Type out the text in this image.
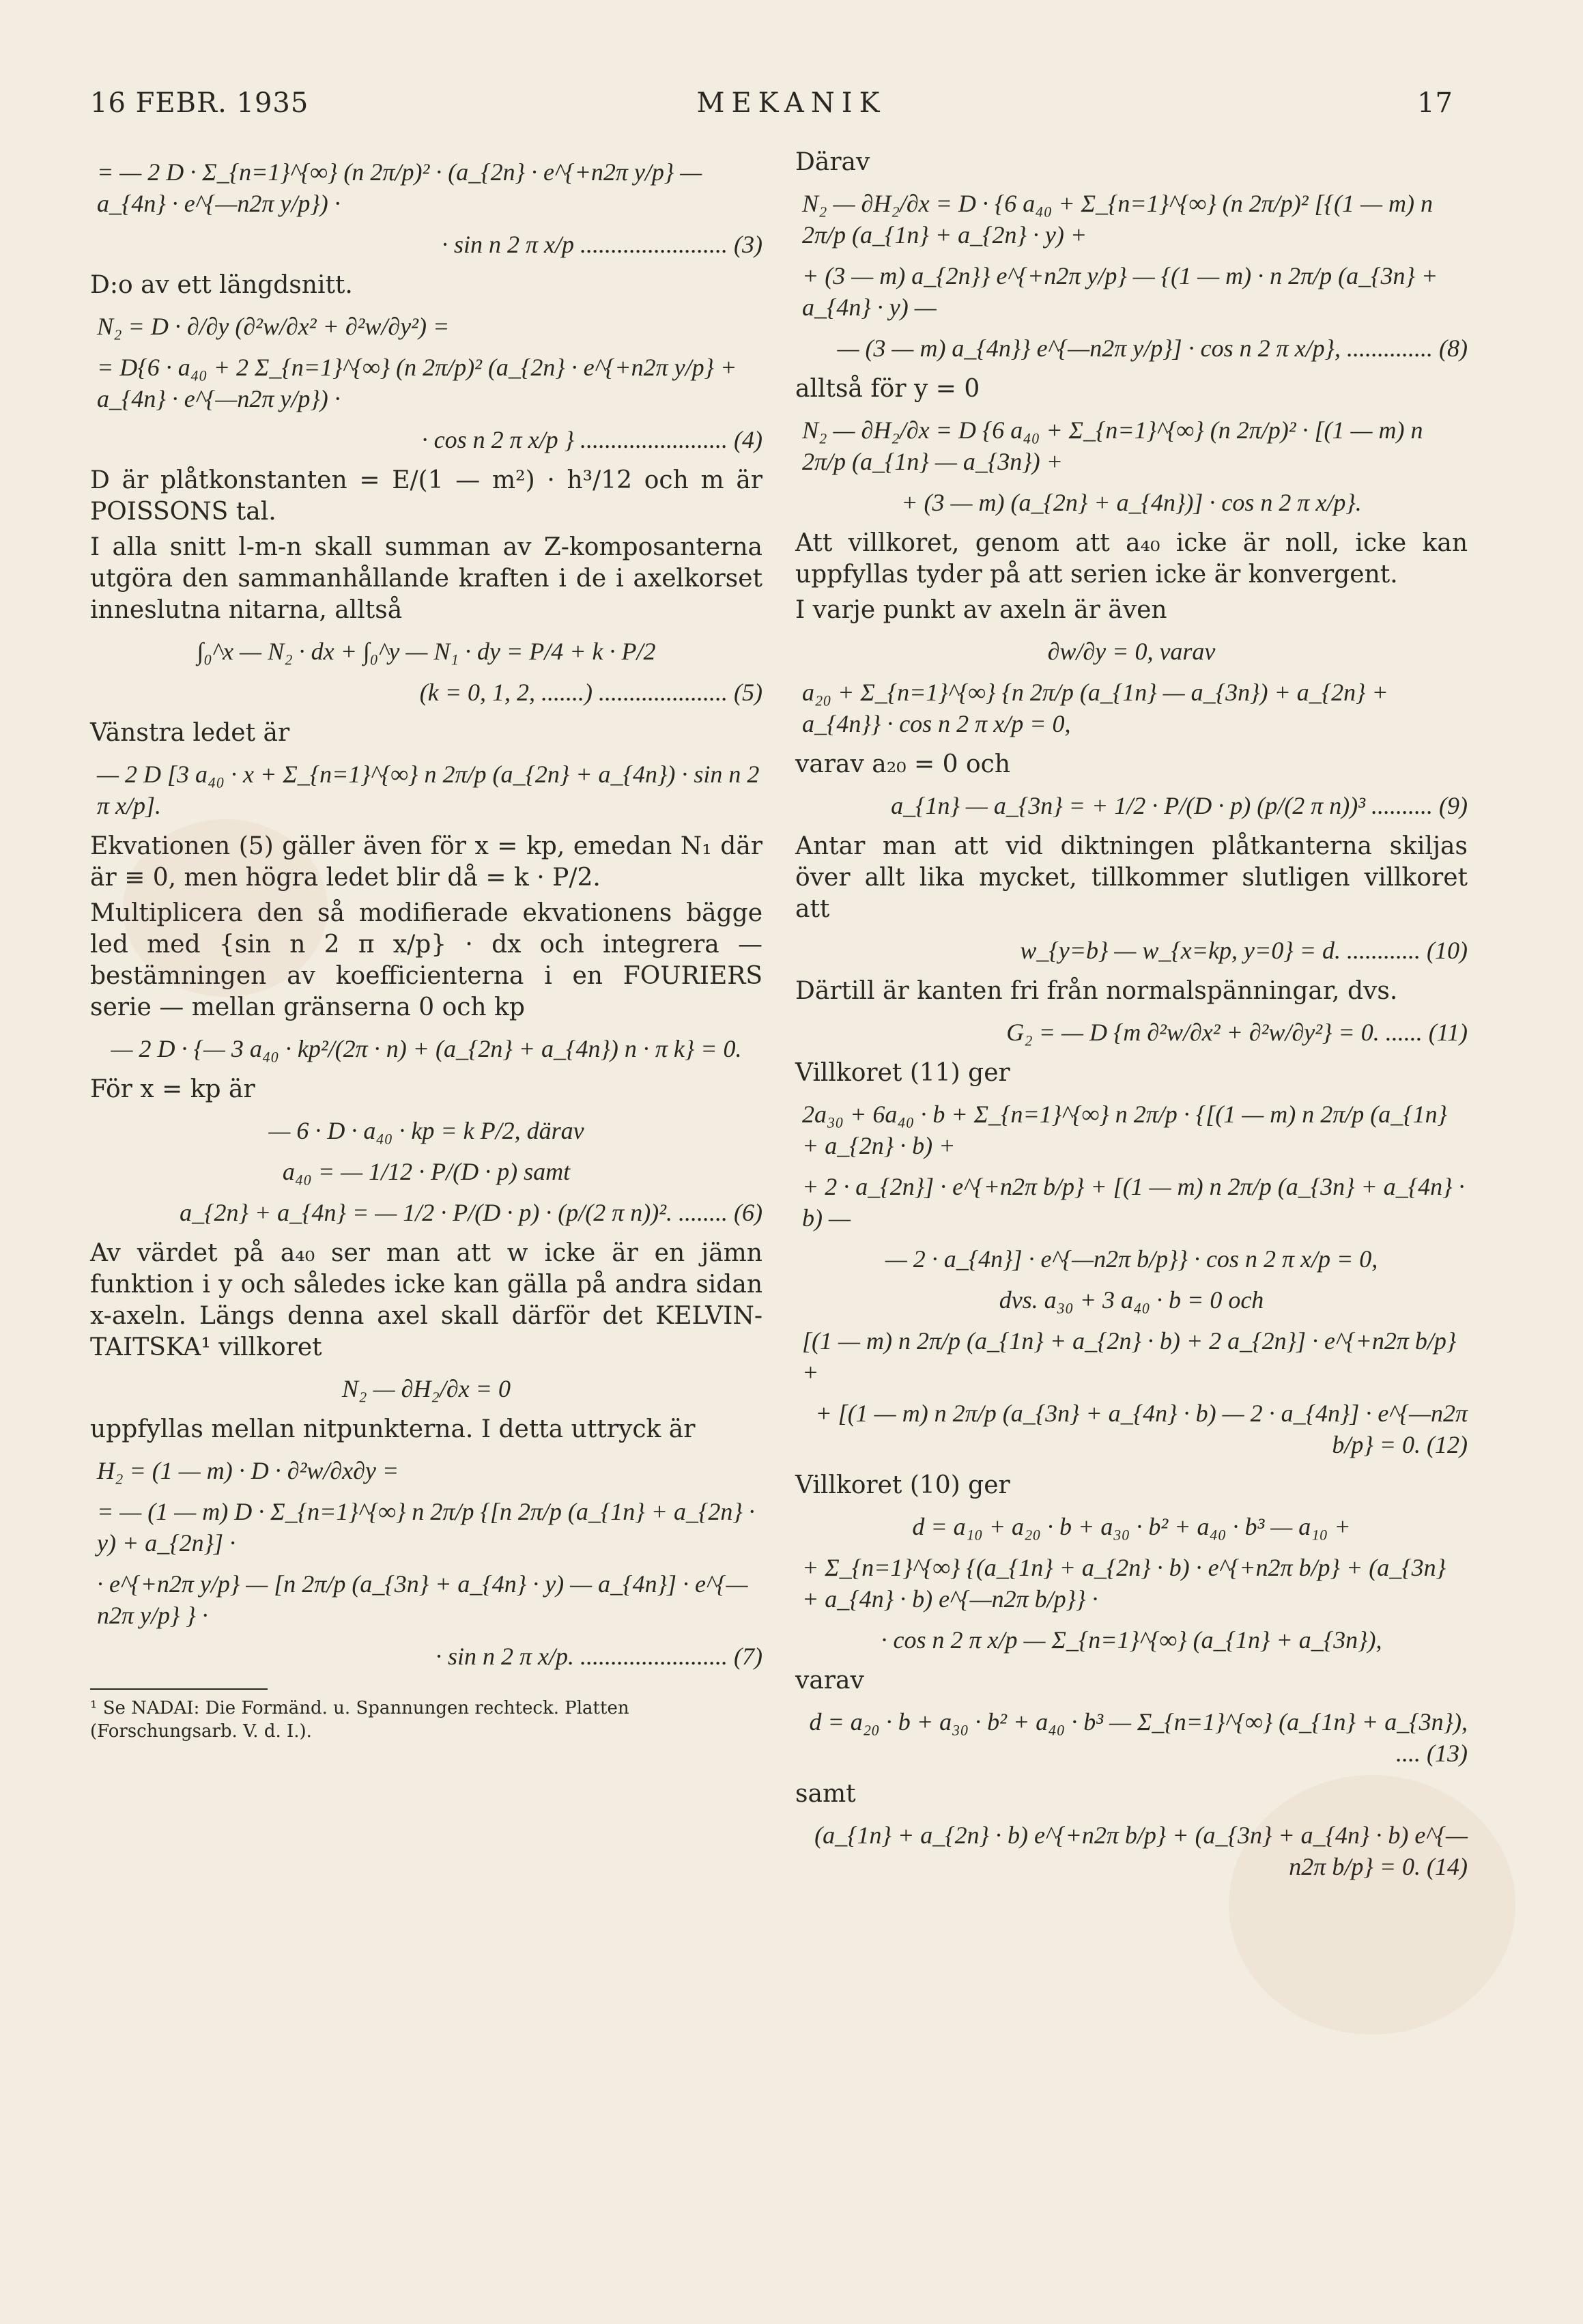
16 FEBR. 1935	MEKANIK	17
= — 2 D · Σ_{n=1}^{∞} (n 2π/p)² · (a_{2n} · e^{+n2π y/p} — a_{4n} · e^{—n2π y/p}) ·
· sin n 2 π x/p ........................ (3)
D:o av ett längdsnitt.
N₂ = D · ∂/∂y (∂²w/∂x² + ∂²w/∂y²) =
= D{6 · a₄₀ + 2 Σ_{n=1}^{∞} (n 2π/p)² (a_{2n} · e^{+n2π y/p} + a_{4n} · e^{—n2π y/p}) ·
· cos n 2 π x/p } ........................ (4)
D är plåtkonstanten = E/(1 — m²) · h³/12 och m är POISSONS tal.
I alla snitt l-m-n skall summan av Z-komposanterna utgöra den sammanhållande kraften i de i axelkorset inneslutna nitarna, alltså
∫₀^x — N₂ · dx + ∫₀^y — N₁ · dy = P/4 + k · P/2
(k = 0, 1, 2, .......) ..................... (5)
Vänstra ledet är
— 2 D [3 a₄₀ · x + Σ_{n=1}^{∞} n 2π/p (a_{2n} + a_{4n}) · sin n 2 π x/p].
Ekvationen (5) gäller även för x = kp, emedan N₁ där är ≡ 0, men högra ledet blir då = k · P/2.
Multiplicera den så modifierade ekvationens bägge led med {sin n 2 π x/p} · dx och integrera — bestämningen av koefficienterna i en FOURIERS serie — mellan gränserna 0 och kp
— 2 D · {— 3 a₄₀ · kp²/(2π · n) + (a_{2n} + a_{4n}) n · π k} = 0.
För x = kp är
— 6 · D · a₄₀ · kp = k P/2, därav
a₄₀ = — 1/12 · P/(D · p) samt
a_{2n} + a_{4n} = — 1/2 · P/(D · p) · (p/(2 π n))². ........ (6)
Av värdet på a₄₀ ser man att w icke är en jämn funktion i y och således icke kan gälla på andra sidan x-axeln. Längs denna axel skall därför det KELVIN-TAITSKA¹ villkoret
N₂ — ∂H₂/∂x = 0
uppfyllas mellan nitpunkterna. I detta uttryck är
H₂ = (1 — m) · D · ∂²w/∂x∂y =
= — (1 — m) D · Σ_{n=1}^{∞} n 2π/p {[n 2π/p (a_{1n} + a_{2n} · y) + a_{2n}] ·
· e^{+n2π y/p} — [n 2π/p (a_{3n} + a_{4n} · y) — a_{4n}] · e^{—n2π y/p} } ·
· sin n 2 π x/p. ........................ (7)
¹ Se NADAI: Die Formänd. u. Spannungen rechteck. Platten (Forschungsarb. V. d. I.).
Därav
N₂ — ∂H₂/∂x = D · {6 a₄₀ + Σ_{n=1}^{∞} (n 2π/p)² [{(1 — m) n 2π/p (a_{1n} + a_{2n} · y) +
+ (3 — m) a_{2n}} e^{+n2π y/p} — {(1 — m) · n 2π/p (a_{3n} + a_{4n} · y) —
— (3 — m) a_{4n}} e^{—n2π y/p}] · cos n 2 π x/p}, .............. (8)
alltså för y = 0
N₂ — ∂H₂/∂x = D {6 a₄₀ + Σ_{n=1}^{∞} (n 2π/p)² · [(1 — m) n 2π/p (a_{1n} — a_{3n}) +
+ (3 — m) (a_{2n} + a_{4n})] · cos n 2 π x/p}.
Att villkoret, genom att a₄₀ icke är noll, icke kan uppfyllas tyder på att serien icke är konvergent.
I varje punkt av axeln är även
∂w/∂y = 0, varav
a₂₀ + Σ_{n=1}^{∞} {n 2π/p (a_{1n} — a_{3n}) + a_{2n} + a_{4n}} · cos n 2 π x/p = 0,
varav a₂₀ = 0 och
a_{1n} — a_{3n} = + 1/2 · P/(D · p) (p/(2 π n))³ .......... (9)
Antar man att vid diktningen plåtkanterna skiljas över allt lika mycket, tillkommer slutligen villkoret att
w_{y=b} — w_{x=kp, y=0} = d. ............ (10)
Därtill är kanten fri från normalspänningar, dvs.
G₂ = — D {m ∂²w/∂x² + ∂²w/∂y²} = 0. ...... (11)
Villkoret (11) ger
2a₃₀ + 6a₄₀ · b + Σ_{n=1}^{∞} n 2π/p · {[(1 — m) n 2π/p (a_{1n} + a_{2n} · b) +
+ 2 · a_{2n}] · e^{+n2π b/p} + [(1 — m) n 2π/p (a_{3n} + a_{4n} · b) —
— 2 · a_{4n}] · e^{—n2π b/p}} · cos n 2 π x/p = 0,
dvs. a₃₀ + 3 a₄₀ · b = 0 och
[(1 — m) n 2π/p (a_{1n} + a_{2n} · b) + 2 a_{2n}] · e^{+n2π b/p} +
+ [(1 — m) n 2π/p (a_{3n} + a_{4n} · b) — 2 · a_{4n}] · e^{—n2π b/p} = 0. (12)
Villkoret (10) ger
d = a₁₀ + a₂₀ · b + a₃₀ · b² + a₄₀ · b³ — a₁₀ +
+ Σ_{n=1}^{∞} {(a_{1n} + a_{2n} · b) · e^{+n2π b/p} + (a_{3n} + a_{4n} · b) e^{—n2π b/p}} ·
· cos n 2 π x/p — Σ_{n=1}^{∞} (a_{1n} + a_{3n}),
varav
d = a₂₀ · b + a₃₀ · b² + a₄₀ · b³ — Σ_{n=1}^{∞} (a_{1n} + a_{3n}), .... (13)
samt
(a_{1n} + a_{2n} · b) e^{+n2π b/p} + (a_{3n} + a_{4n} · b) e^{—n2π b/p} = 0. (14)
